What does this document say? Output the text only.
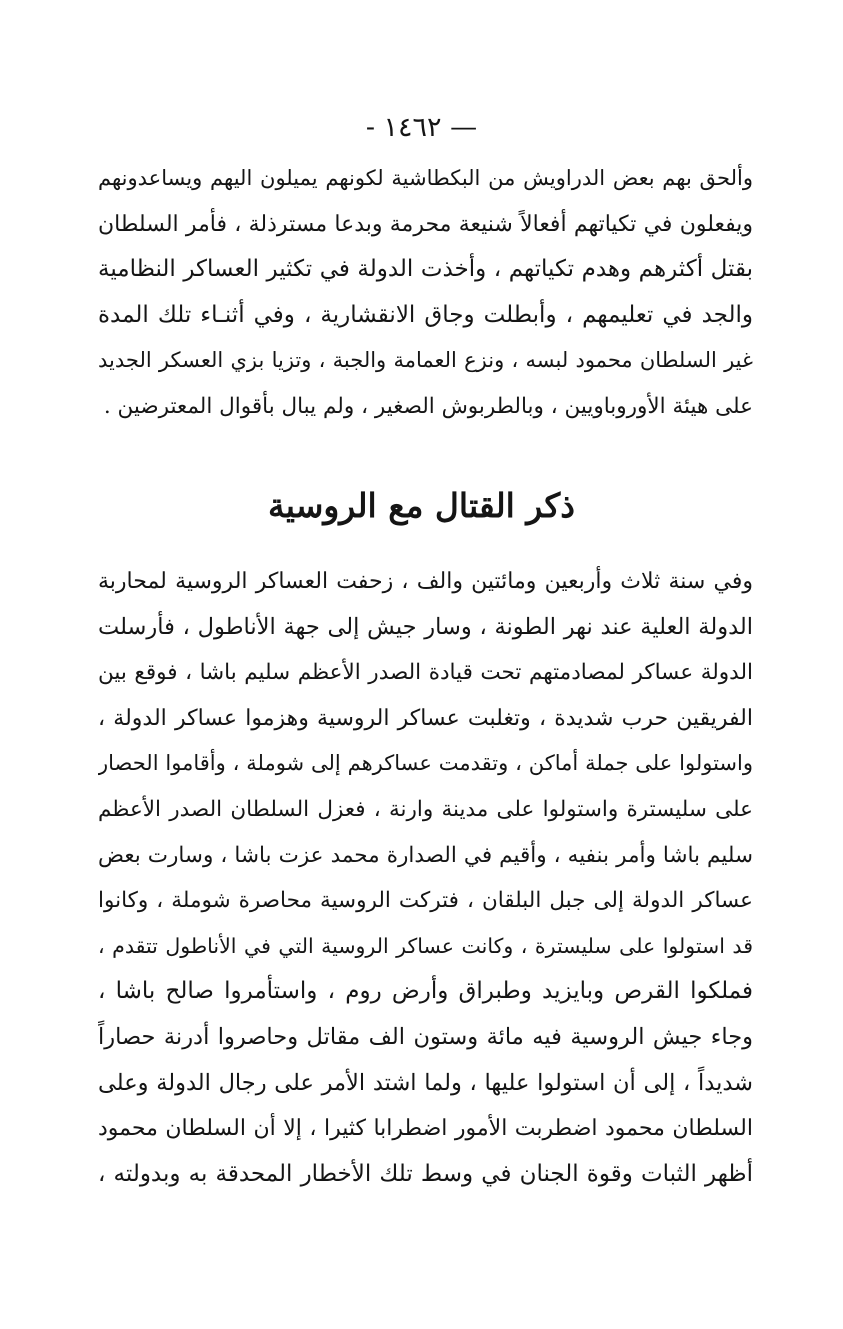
— ١٤٦٢ -
وألحق بهم بعض الدراويش من البكطاشية لكونهم يميلون اليهم ويساعدونهم
ويفعلون في تكياتهم أفعالاً شنيعة محرمة وبدعا مسترذلة ، فأمر السلطان
بقتل أكثرهم وهدم تكياتهم ، وأخذت الدولة في تكثير العساكر النظامية
والجد في تعليمهم ، وأبطلت وجاق الانقشارية ، وفي أثنـاء تلك المدة
غير السلطان محمود لبسه ، ونزع العمامة والجبة ، وتزيا بزي العسكر الجديد
على هيئة الأوروباويين ، وبالطربوش الصغير ، ولم يبال بأقوال المعترضين .
ذكر القتال مع الروسية
وفي سنة ثلاث وأربعين ومائتين والف ، زحفت العساكر الروسية لمحاربة
الدولة العلية عند نهر الطونة ، وسار جيش إلى جهة الأناطول ، فأرسلت
الدولة عساكر لمصادمتهم تحت قيادة الصدر الأعظم سليم باشا ، فوقع بين
الفريقين حرب شديدة ، وتغلبت عساكر الروسية وهزموا عساكر الدولة ،
واستولوا على جملة أماكن ، وتقدمت عساكرهم إلى شوملة ، وأقاموا الحصار
على سليسترة واستولوا على مدينة وارنة ، فعزل السلطان الصدر الأعظم
سليم باشا وأمر بنفيه ، وأقيم في الصدارة محمد عزت باشا ، وسارت بعض
عساكر الدولة إلى جبل البلقان ، فتركت الروسية محاصرة شوملة ، وكانوا
قد استولوا على سليسترة ، وكانت عساكر الروسية التي في الأناطول تتقدم ،
فملكوا القرص وبايزيد وطبراق وأرض روم ، واستأمروا صالح باشا ،
وجاء جيش الروسية فيه مائة وستون الف مقاتل وحاصروا أدرنة حصاراً
شديداً ، إلى أن استولوا عليها ، ولما اشتد الأمر على رجال الدولة وعلى
السلطان محمود اضطربت الأمور اضطرابا كثيرا ، إلا أن السلطان محمود
أظهر الثبات وقوة الجنان في وسط تلك الأخطار المحدقة به وبدولته ،
